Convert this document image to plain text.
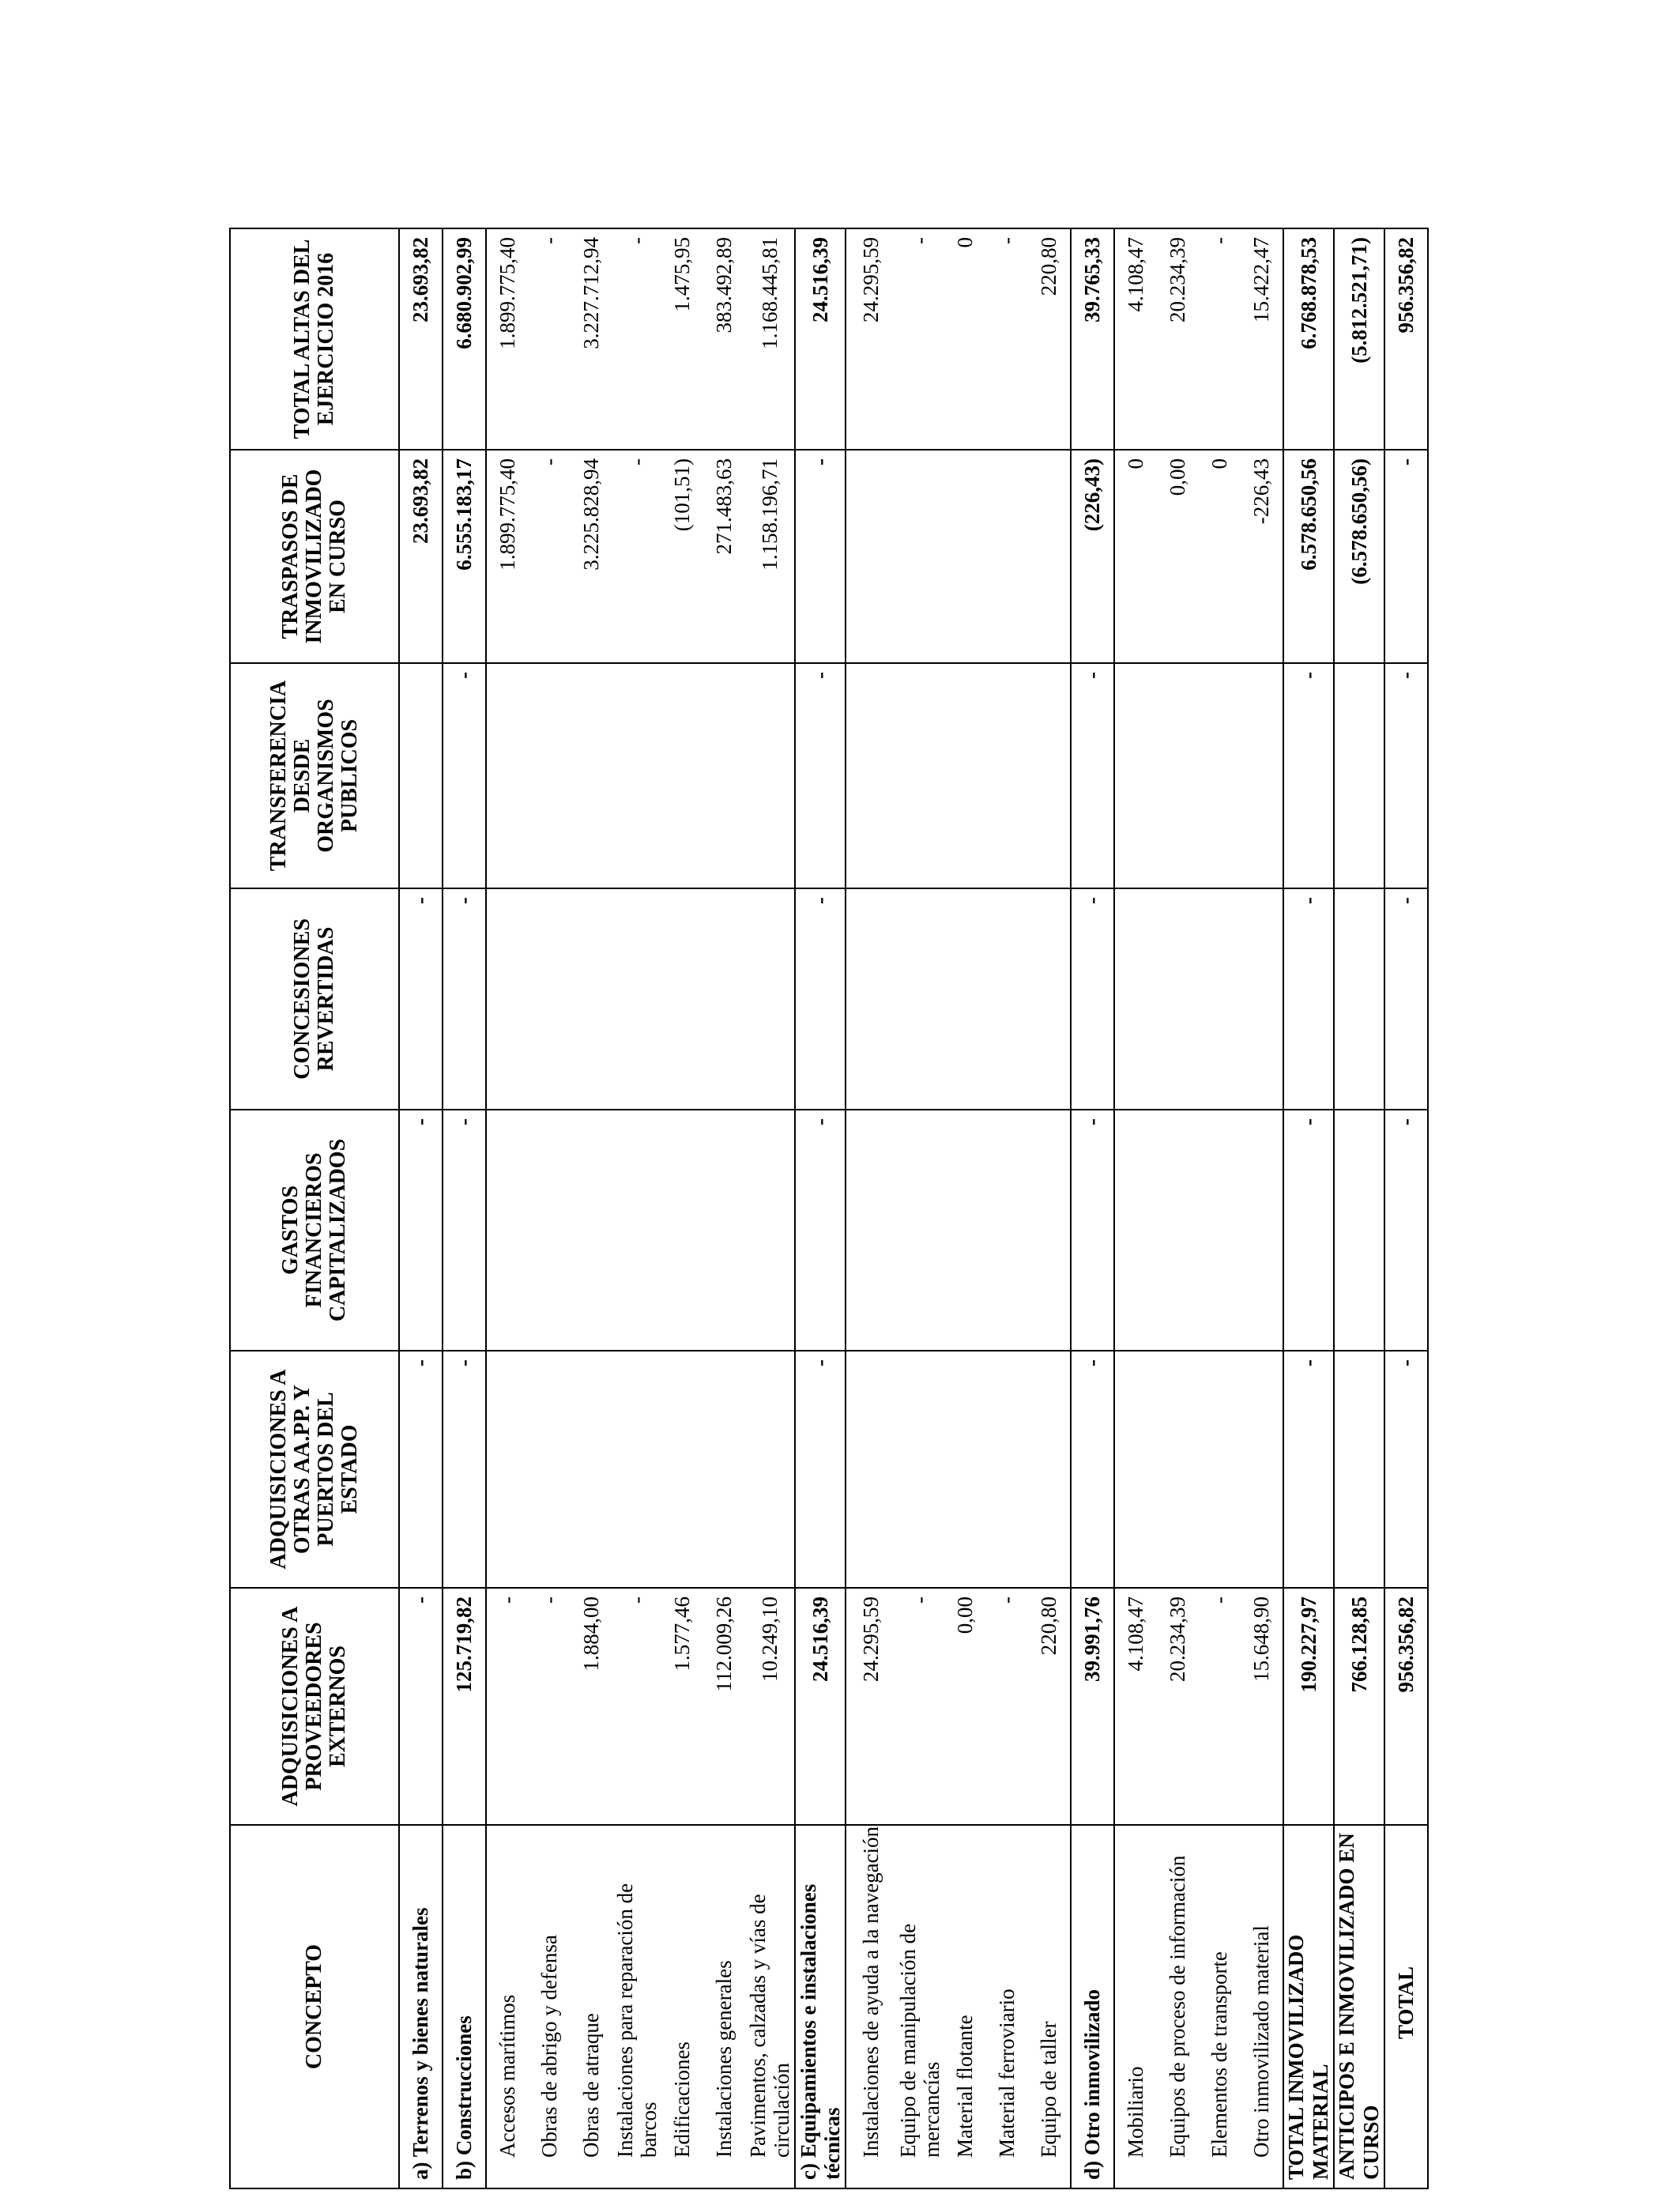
CONCEPTO	ADQUISICIONES A PROVEEDORES EXTERNOS	ADQUISICIONES A OTRAS AA.PP. Y PUERTOS DEL ESTADO	GASTOS FINANCIEROS CAPITALIZADOS	CONCESIONES REVERTIDAS	TRANSFERENCIA DESDE ORGANISMOS PUBLICOS	TRASPASOS DE INMOVILIZADO EN CURSO	TOTAL ALTAS DEL EJERCICIO 2016
a) Terrenos y bienes naturales	-	-	-	-		23.693,82	23.693,82
b) Construcciones	125.719,82	-	-	-	-	6.555.183,17	6.680.902,99
Accesos marítimos	-					1.899.775,40	1.899.775,40
Obras de abrigo y defensa	-					-	-
Obras de atraque	1.884,00					3.225.828,94	3.227.712,94
Instalaciones para reparación de barcos	-					-	-
Edificaciones	1.577,46					(101,51)	1.475,95
Instalaciones generales	112.009,26					271.483,63	383.492,89
Pavimentos, calzadas y vías de circulación	10.249,10					1.158.196,71	1.168.445,81
c) Equipamientos e instalaciones técnicas	24.516,39	-	-	-	-	-	24.516,39
Instalaciones de ayuda a la navegación	24.295,59						24.295,59
Equipo de manipulación de mercancías	-						-
Material flotante	0,00						0
Material ferroviario	-						-
Equipo de taller	220,80						220,80
d) Otro inmovilizado	39.991,76	-	-	-	-	(226,43)	39.765,33
Mobiliario	4.108,47					0	4.108,47
Equipos de proceso de información	20.234,39					0,00	20.234,39
Elementos de transporte	-					0	-
Otro inmovilizado material	15.648,90					-226,43	15.422,47
TOTAL INMOVILIZADO MATERIAL	190.227,97	-	-	-	-	6.578.650,56	6.768.878,53
ANTICIPOS E INMOVILIZADO EN CURSO	766.128,85					(6.578.650,56)	(5.812.521,71)
TOTAL	956.356,82	-	-	-	-	-	956.356,82
